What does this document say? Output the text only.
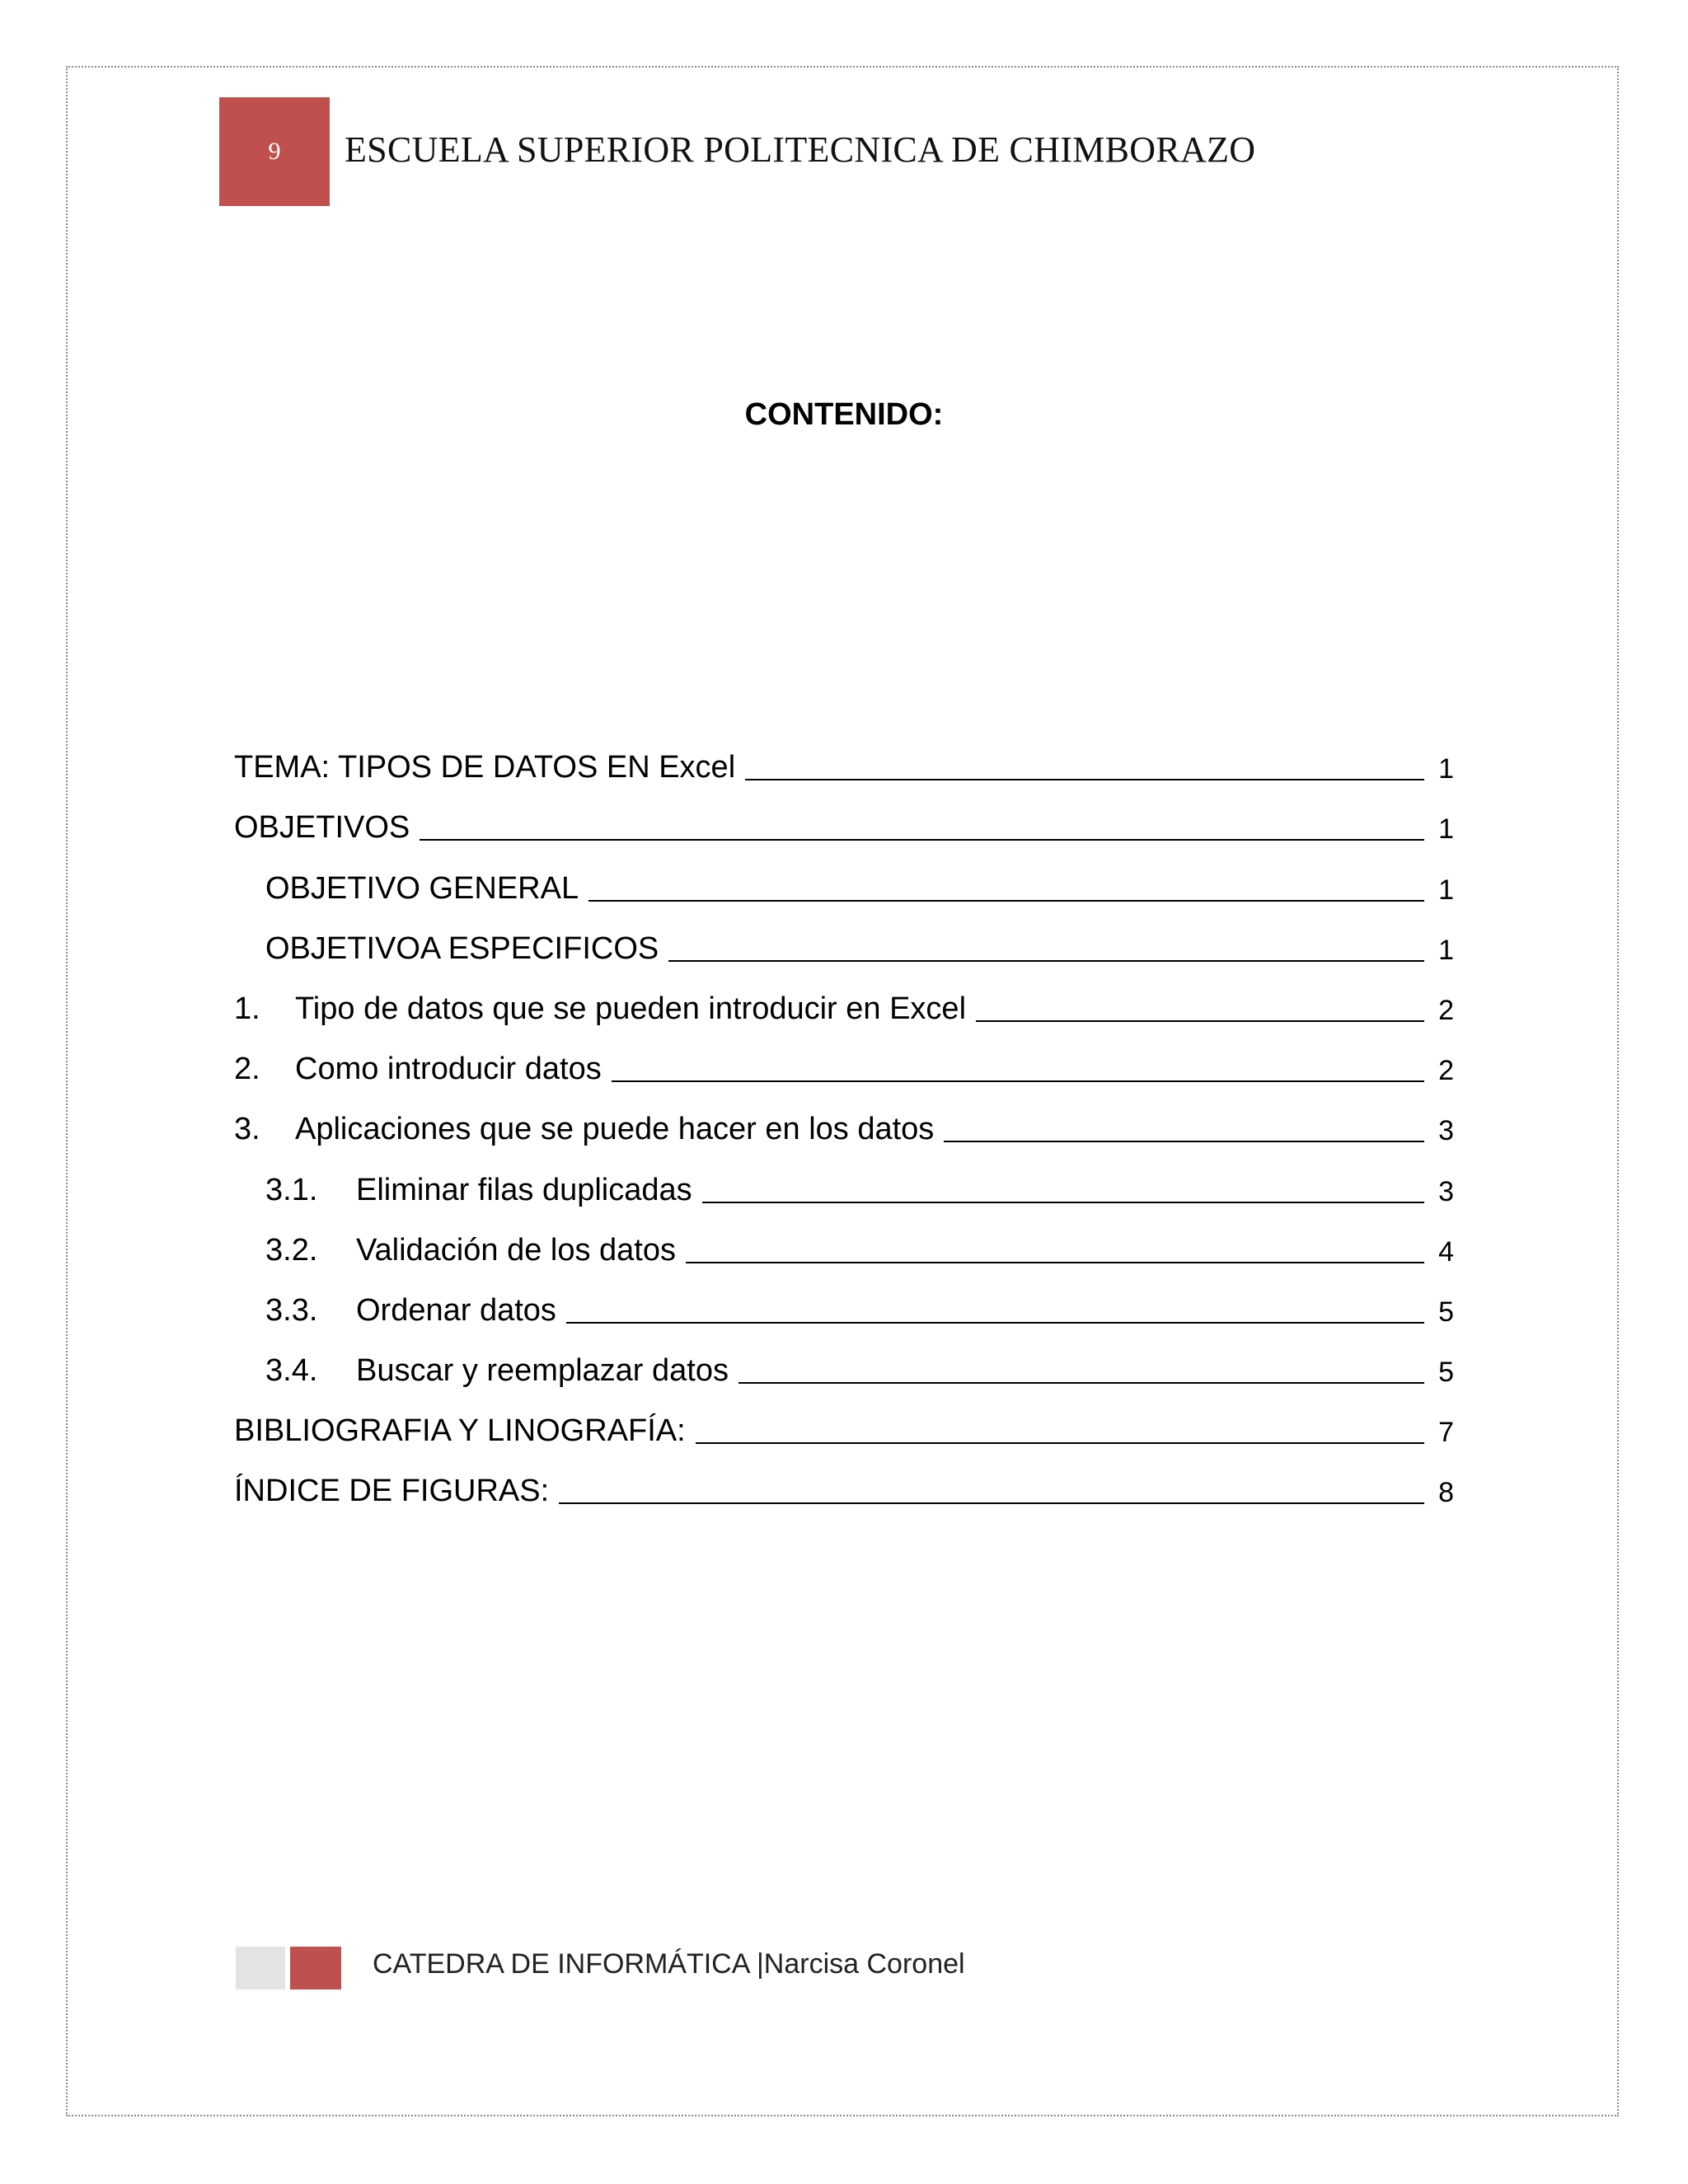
9 ESCUELA SUPERIOR POLITECNICA DE CHIMBORAZO
CONTENIDO:
TEMA: TIPOS DE DATOS EN Excel	1
OBJETIVOS	1
OBJETIVO GENERAL	1
OBJETIVOA ESPECIFICOS	1
1.	Tipo de datos que se pueden introducir en Excel	2
2.	Como introducir datos	2
3.	Aplicaciones que se puede hacer en los datos	3
3.1.	Eliminar filas duplicadas	3
3.2.	Validación de los datos	4
3.3.	Ordenar datos	5
3.4.	Buscar y reemplazar datos	5
BIBLIOGRAFIA Y LINOGRAFÍA:	7
ÍNDICE DE FIGURAS:	8
CATEDRA DE INFORMÁTICA |Narcisa Coronel
